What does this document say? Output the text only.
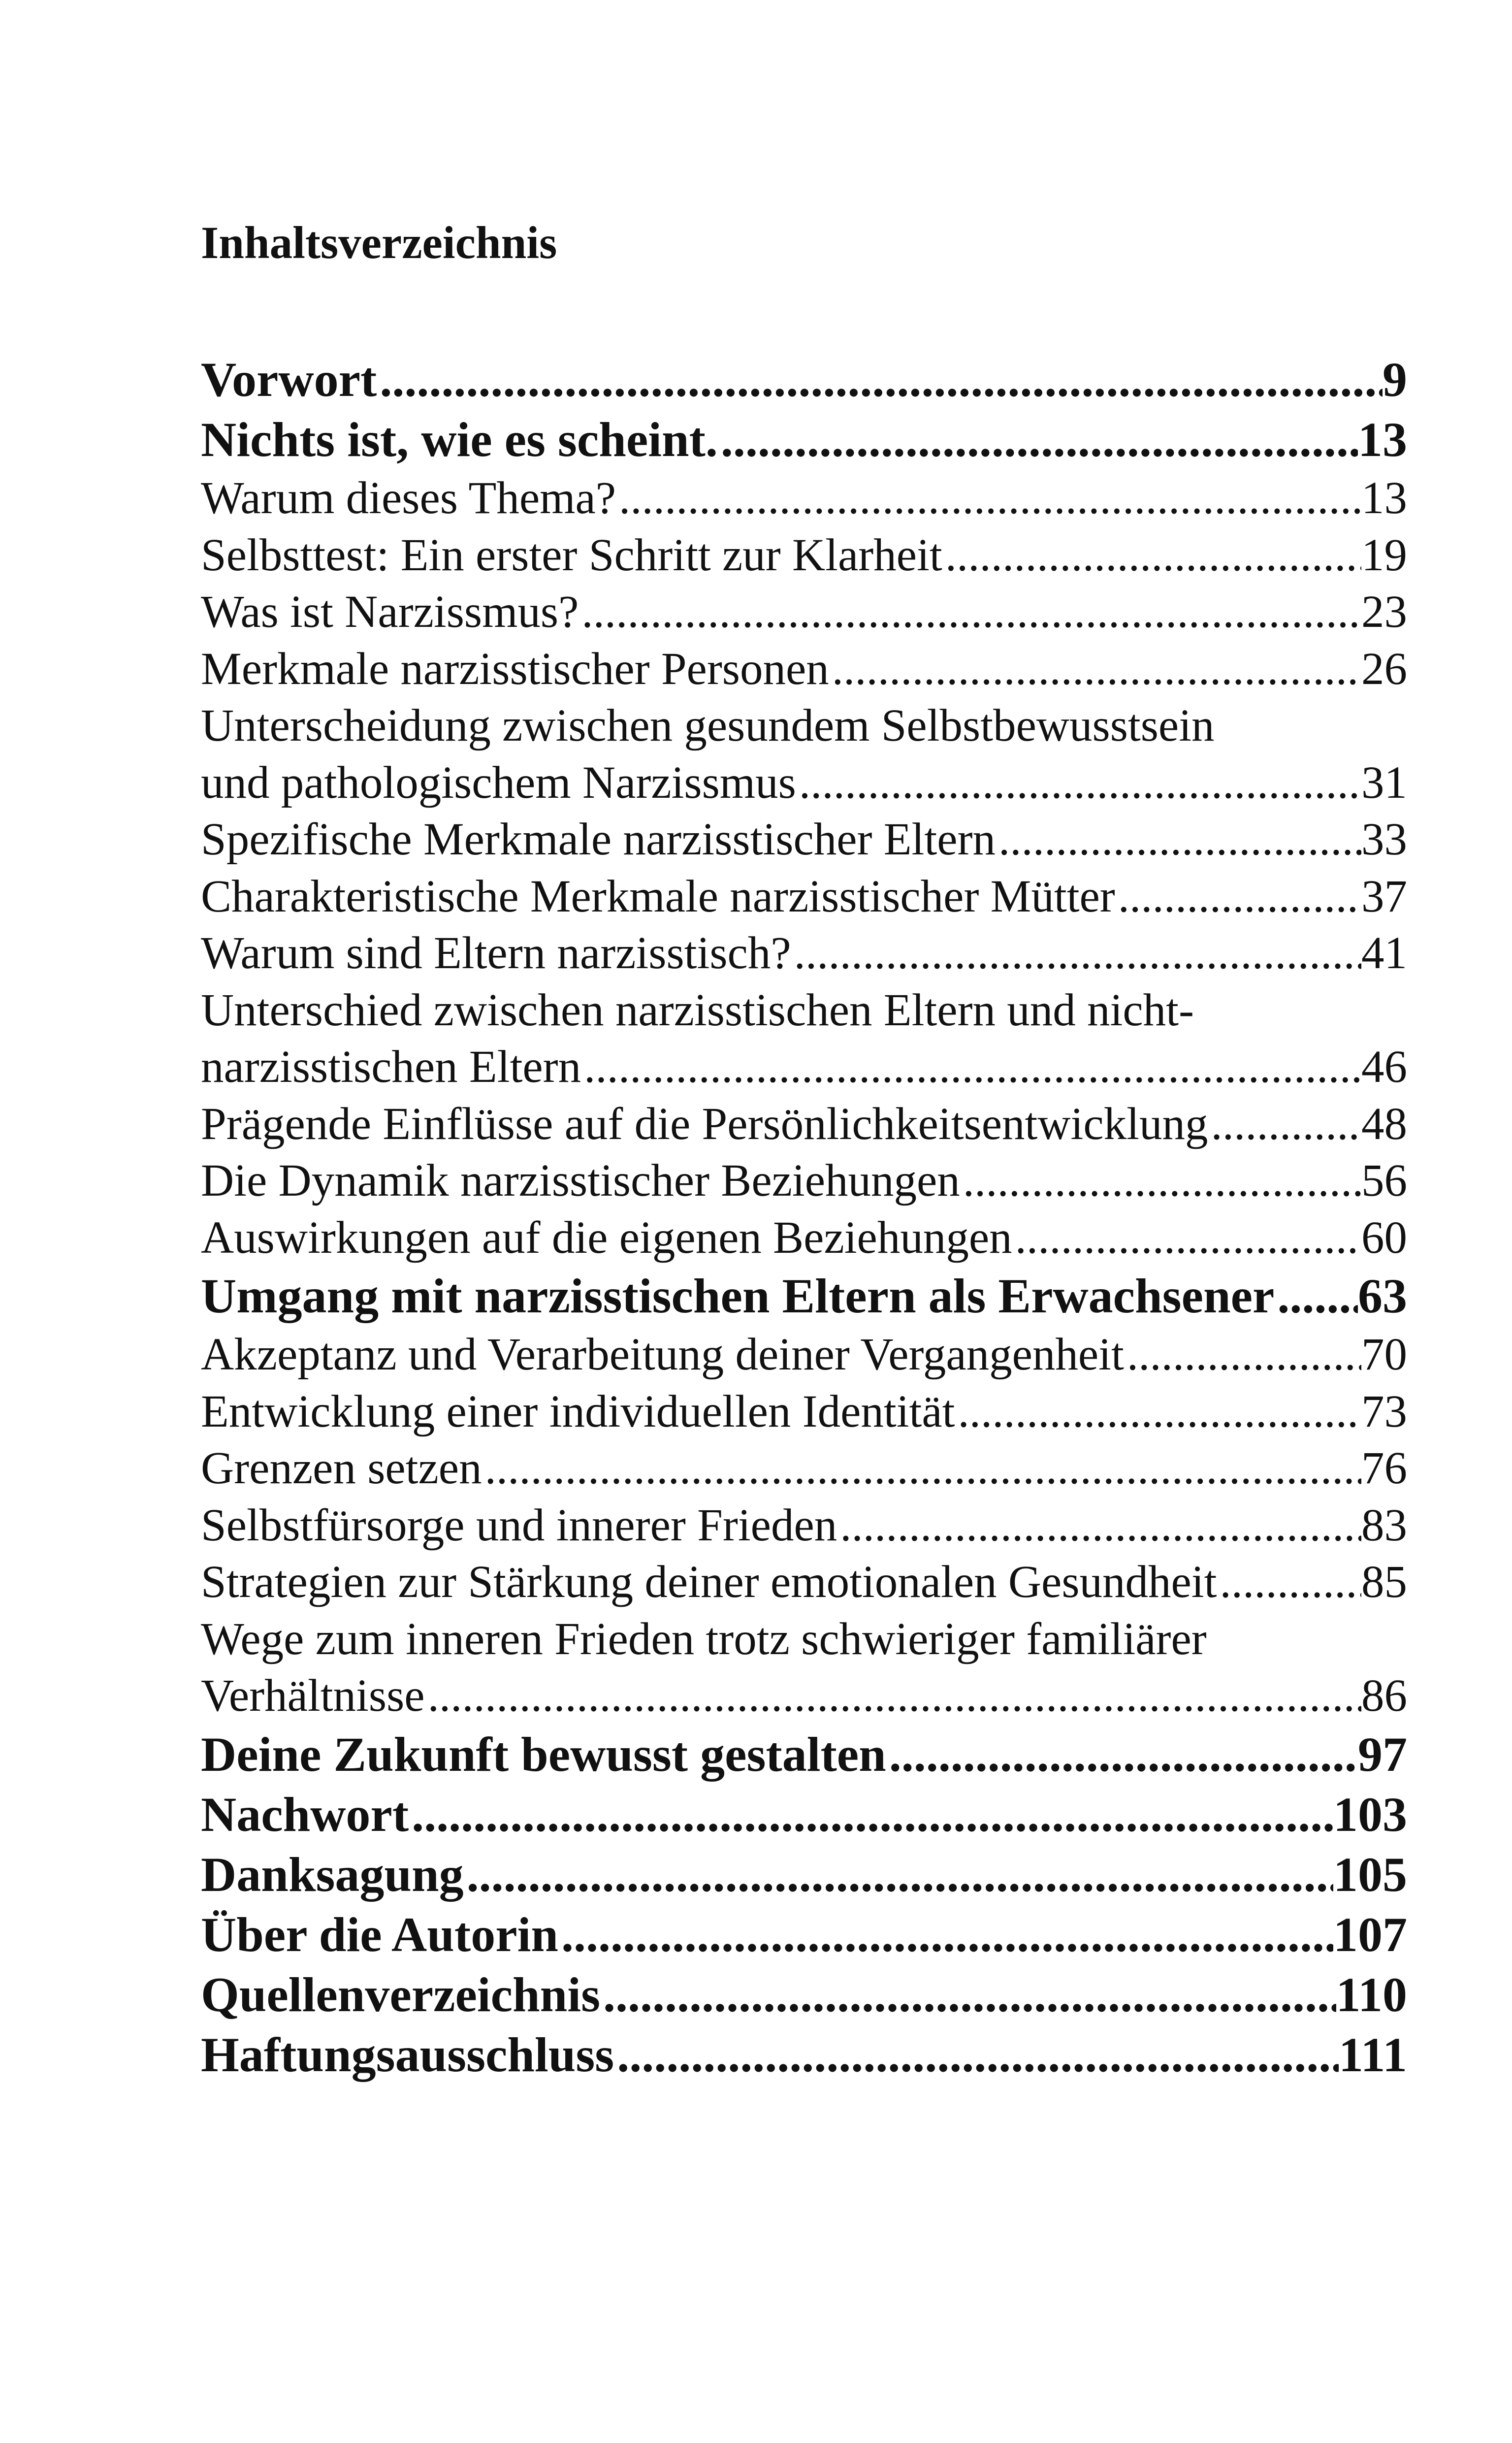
Inhaltsverzeichnis
Vorwort .....	9
Nichts ist, wie es scheint. .....	13
Warum dieses Thema? .....	13
Selbsttest: Ein erster Schritt zur Klarheit .....	19
Was ist Narzissmus? .....	23
Merkmale narzisstischer Personen .....	26
Unterscheidung zwischen gesundem Selbstbewusstsein
und pathologischem Narzissmus .....	31
Spezifische Merkmale narzisstischer Eltern .....	33
Charakteristische Merkmale narzisstischer Mütter .....	37
Warum sind Eltern narzisstisch? .....	41
Unterschied zwischen narzisstischen Eltern und nicht-
narzisstischen Eltern .....	46
Prägende Einflüsse auf die Persönlichkeitsentwicklung .....	48
Die Dynamik narzisstischer Beziehungen .....	56
Auswirkungen auf die eigenen Beziehungen .....	60
Umgang mit narzisstischen Eltern als Erwachsener ..... 63
Akzeptanz und Verarbeitung deiner Vergangenheit .....	70
Entwicklung einer individuellen Identität .....	73
Grenzen setzen .....	76
Selbstfürsorge und innerer Frieden .....	83
Strategien zur Stärkung deiner emotionalen Gesundheit .....	85
Wege zum inneren Frieden trotz schwieriger familiärer
Verhältnisse .....	86
Deine Zukunft bewusst gestalten .....	97
Nachwort .....	103
Danksagung .....	105
Über die Autorin .....	107
Quellenverzeichnis .....	110
Haftungsausschluss .....	111
